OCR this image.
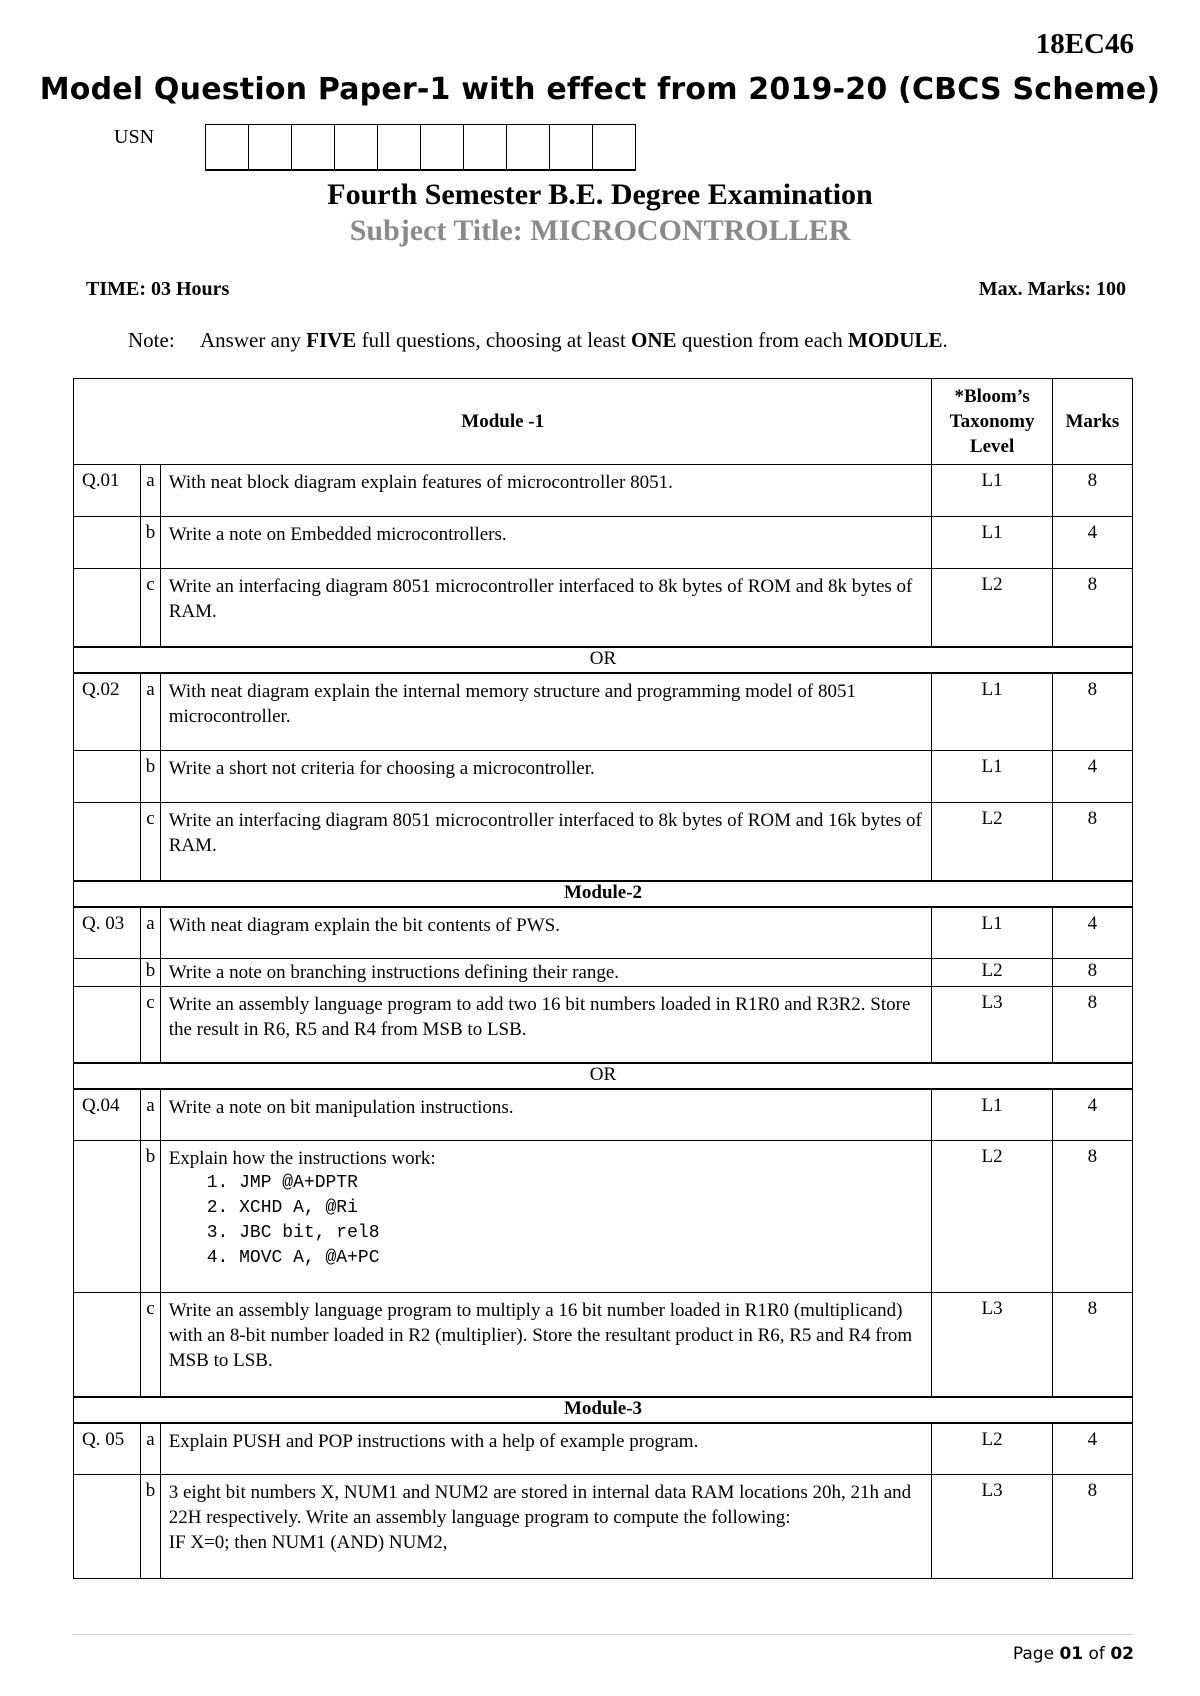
18EC46
Model Question Paper-1 with effect from 2019-20 (CBCS Scheme)
USN
Fourth Semester B.E. Degree Examination
Subject Title: MICROCONTROLLER
TIME: 03 Hours	Max. Marks: 100
Note: Answer any FIVE full questions, choosing at least ONE question from each MODULE.
Module -1			*Bloom’s Taxonomy Level	Marks
Q.01	a	With neat block diagram explain features of microcontroller 8051.	L1	8
	b	Write a note on Embedded microcontrollers.	L1	4
	c	Write an interfacing diagram 8051 microcontroller interfaced to 8k bytes of ROM and 8k bytes of RAM.	L2	8
OR				
Q.02	a	With neat diagram explain the internal memory structure and programming model of 8051 microcontroller.	L1	8
	b	Write a short not criteria for choosing a microcontroller.	L1	4
	c	Write an interfacing diagram 8051 microcontroller interfaced to 8k bytes of ROM and 16k bytes of RAM.	L2	8
Module-2				
Q. 03	a	With neat diagram explain the bit contents of PWS.	L1	4
	b	Write a note on branching instructions defining their range.	L2	8
	c	Write an assembly language program to add two 16 bit numbers loaded in R1R0 and R3R2. Store the result in R6, R5 and R4 from MSB to LSB.	L3	8
OR				
Q.04	a	Write a note on bit manipulation instructions.	L1	4
	b	Explain how the instructions work:
1. JMP @A+DPTR
2. XCHD A, @Ri
3. JBC bit, rel8
4. MOVC A, @A+PC	L2	8
	c	Write an assembly language program to multiply a 16 bit number loaded in R1R0 (multiplicand) with an 8-bit number loaded in R2 (multiplier). Store the resultant product in R6, R5 and R4 from MSB to LSB.	L3	8
Module-3				
Q. 05	a	Explain PUSH and POP instructions with a help of example program.	L2	4
	b	3 eight bit numbers X, NUM1 and NUM2 are stored in internal data RAM locations 20h, 21h and 22H respectively. Write an assembly language program to compute the following:
IF X=0; then NUM1 (AND) NUM2,	L3	8
Page 01 of 02
